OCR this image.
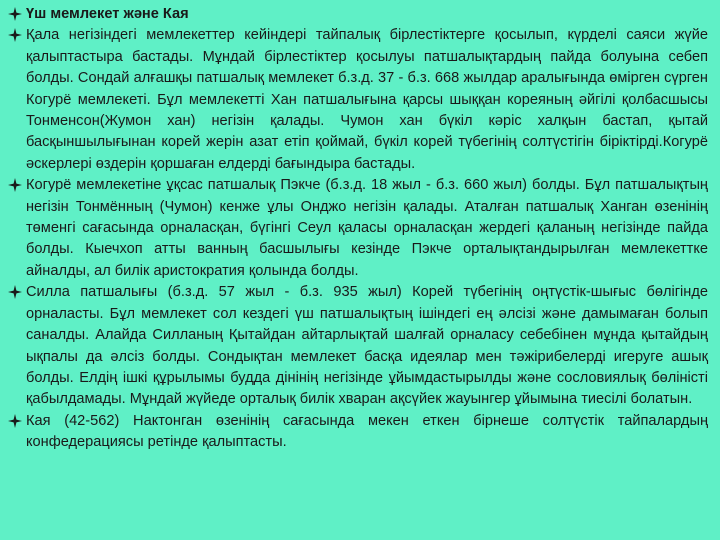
Үш мемлекет және Кая
Қала негізіндегі мемлекеттер кейіндері тайпалық бірлестіктерге қосылып, күрделі саяси жүйе қалыптастыра бастады. Мұндай бірлестіктер қосылуы патшалықтардың пайда болуына себеп болды. Сондай алғашқы патшалық мемлекет б.з.д. 37 - б.з. 668 жылдар аралығында өмірген сүрген Когурё мемлекеті. Бұл мемлекетті Хан патшалығына қарсы шыққан кореяның әйгілі қолбасшысы Тонменсон(Жумон хан) негізін қалады. Чумон хан бүкіл кәріс халқын бастап, қытай басқыншылығынан корей жерін азат етіп қоймай, бүкіл корей түбегінің солтүстігін біріктірді.Когурё әскерлері өздерін қоршаған елдерді бағындыра бастады.
Когурё мемлекетіне ұқсас патшалық Пэкче (б.з.д. 18 жыл - б.з. 660 жыл) болды. Бұл патшалықтың негізін Тонмённың (Чумон) кенже ұлы Онджо негізін қалады. Аталған патшалық Ханган өзенінің төменгі сағасында орналасқан, бүгінгі Сеул қаласы орналасқан жердегі қаланың негізінде пайда болды. Кыечхоп атты ванның басшылығы кезінде Пэкче орталықтандырылған мемлекеттке айналды, ал билік аристократия қолында болды.
Силла патшалығы (б.з.д. 57 жыл - б.з. 935 жыл) Корей түбегінің оңтүстік-шығыс бөлігінде орналасты. Бұл мемлекет сол кездегі үш патшалықтың ішіндегі ең әлсізі және дамымаған болып саналды. Алайда Силланың Қытайдан айтарлықтай шалғай орналасу себебінен мұнда қытайдың ықпалы да әлсіз болды. Сондықтан мемлекет басқа идеялар мен тәжірибелерді игеруге ашық болды. Елдің ішкі құрылымы будда дінінің негізінде ұйымдастырылды және сословиялық бөліністі қабылдамады. Мұндай жүйеде орталық билік хваран ақсүйек жауынгер ұйымына тиесілі болатын.
Кая (42-562) Нактонган өзенінің сағасында мекен еткен бірнеше солтүстік тайпалардың конфедерациясы ретінде қалыптасты.
